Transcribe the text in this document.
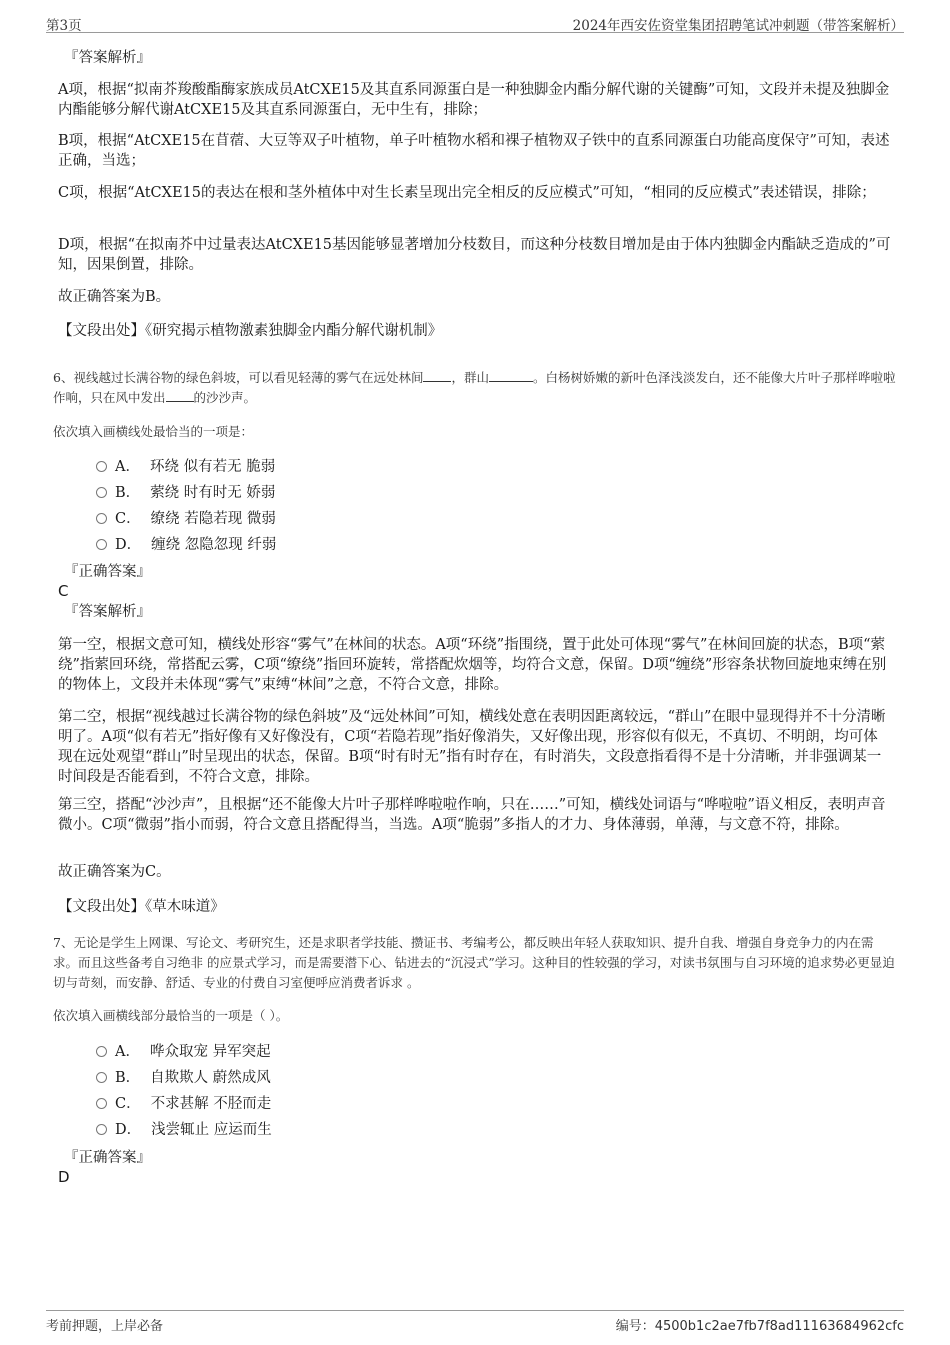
第3页	2024年西安佐资堂集团招聘笔试冲刺题（带答案解析）

『答案解析』

A项，根据“拟南芥羧酸酯酶家族成员AtCXE15及其直系同源蛋白是一种独脚金内酯分解代谢的关键酶”可知，文段并未提及独脚金内酯能够分解代谢AtCXE15及其直系同源蛋白，无中生有，排除；

B项，根据“AtCXE15在苜蓿、大豆等双子叶植物，单子叶植物水稻和裸子植物双子铁中的直系同源蛋白功能高度保守”可知，表述正确，当选；

C项，根据“AtCXE15的表达在根和茎外植体中对生长素呈现出完全相反的反应模式”可知，“相同的反应模式”表述错误，排除；

D项，根据“在拟南芥中过量表达AtCXE15基因能够显著增加分枝数目，而这种分枝数目增加是由于体内独脚金内酯缺乏造成的”可知，因果倒置，排除。

故正确答案为B。

【文段出处】《研究揭示植物激素独脚金内酯分解代谢机制》

6、视线越过长满谷物的绿色斜坡，可以看见轻薄的雾气在远处林间 ，群山	。白杨树娇嫩的新叶色泽浅淡发白，还不能像大片叶子那样哗啦啦作响，只在风中发出 的沙沙声。

依次填入画横线处最恰当的一项是：

A． 环绕 似有若无 脆弱
B． 萦绕 时有时无 娇弱
C． 缭绕 若隐若现 微弱
D． 缠绕 忽隐忽现 纤弱

『正确答案』

C

『答案解析』

第一空，根据文意可知，横线处形容“雾气”在林间的状态。A项“环绕”指围绕，置于此处可体现“雾气”在林间回旋的状态，B项“萦绕”指萦回环绕，常搭配云雾，C项“缭绕”指回环旋转，常搭配炊烟等，均符合文意，保留。D项“缠绕”形容条状物回旋地束缚在别的物体上，文段并未体现“雾气”束缚“林间”之意，不符合文意，排除。

第二空，根据“视线越过长满谷物的绿色斜坡”及“远处林间”可知，横线处意在表明因距离较远，“群山”在眼中显现得并不十分清晰明了。A项“似有若无”指好像有又好像没有，C项“若隐若现”指好像消失，又好像出现，形容似有似无，不真切、不明朗，均可体现在远处观望“群山”时呈现出的状态，保留。B项“时有时无”指有时存在，有时消失，文段意指看得不是十分清晰，并非强调某一时间段是否能看到，不符合文意，排除。

第三空，搭配“沙沙声”，且根据“还不能像大片叶子那样哗啦啦作响，只在……”可知，横线处词语与“哗啦啦”语义相反，表明声音微小。C项“微弱”指小而弱，符合文意且搭配得当，当选。A项“脆弱”多指人的才力、身体薄弱，单薄，与文意不符，排除。

故正确答案为C。

【文段出处】《草木味道》

7、无论是学生上网课、写论文、考研究生，还是求职者学技能、攒证书、考编考公，都反映出年轻人获取知识、提升自我、增强自身竞争力的内在需求。而且这些备考自习绝非 的应景式学习，而是需要潜下心、钻进去的“沉浸式”学习。这种目的性较强的学习，对读书氛围与自习环境的追求势必更显迫切与苛刻，而安静、舒适、专业的付费自习室便呼应消费者诉求 。

依次填入画横线部分最恰当的一项是（ ）。

A． 哗众取宠 异军突起
B． 自欺欺人 蔚然成风
C． 不求甚解 不胫而走
D． 浅尝辄止 应运而生

『正确答案』

D
考前押题，上岸必备	编号：4500b1c2ae7fb7f8ad11163684962cfc
